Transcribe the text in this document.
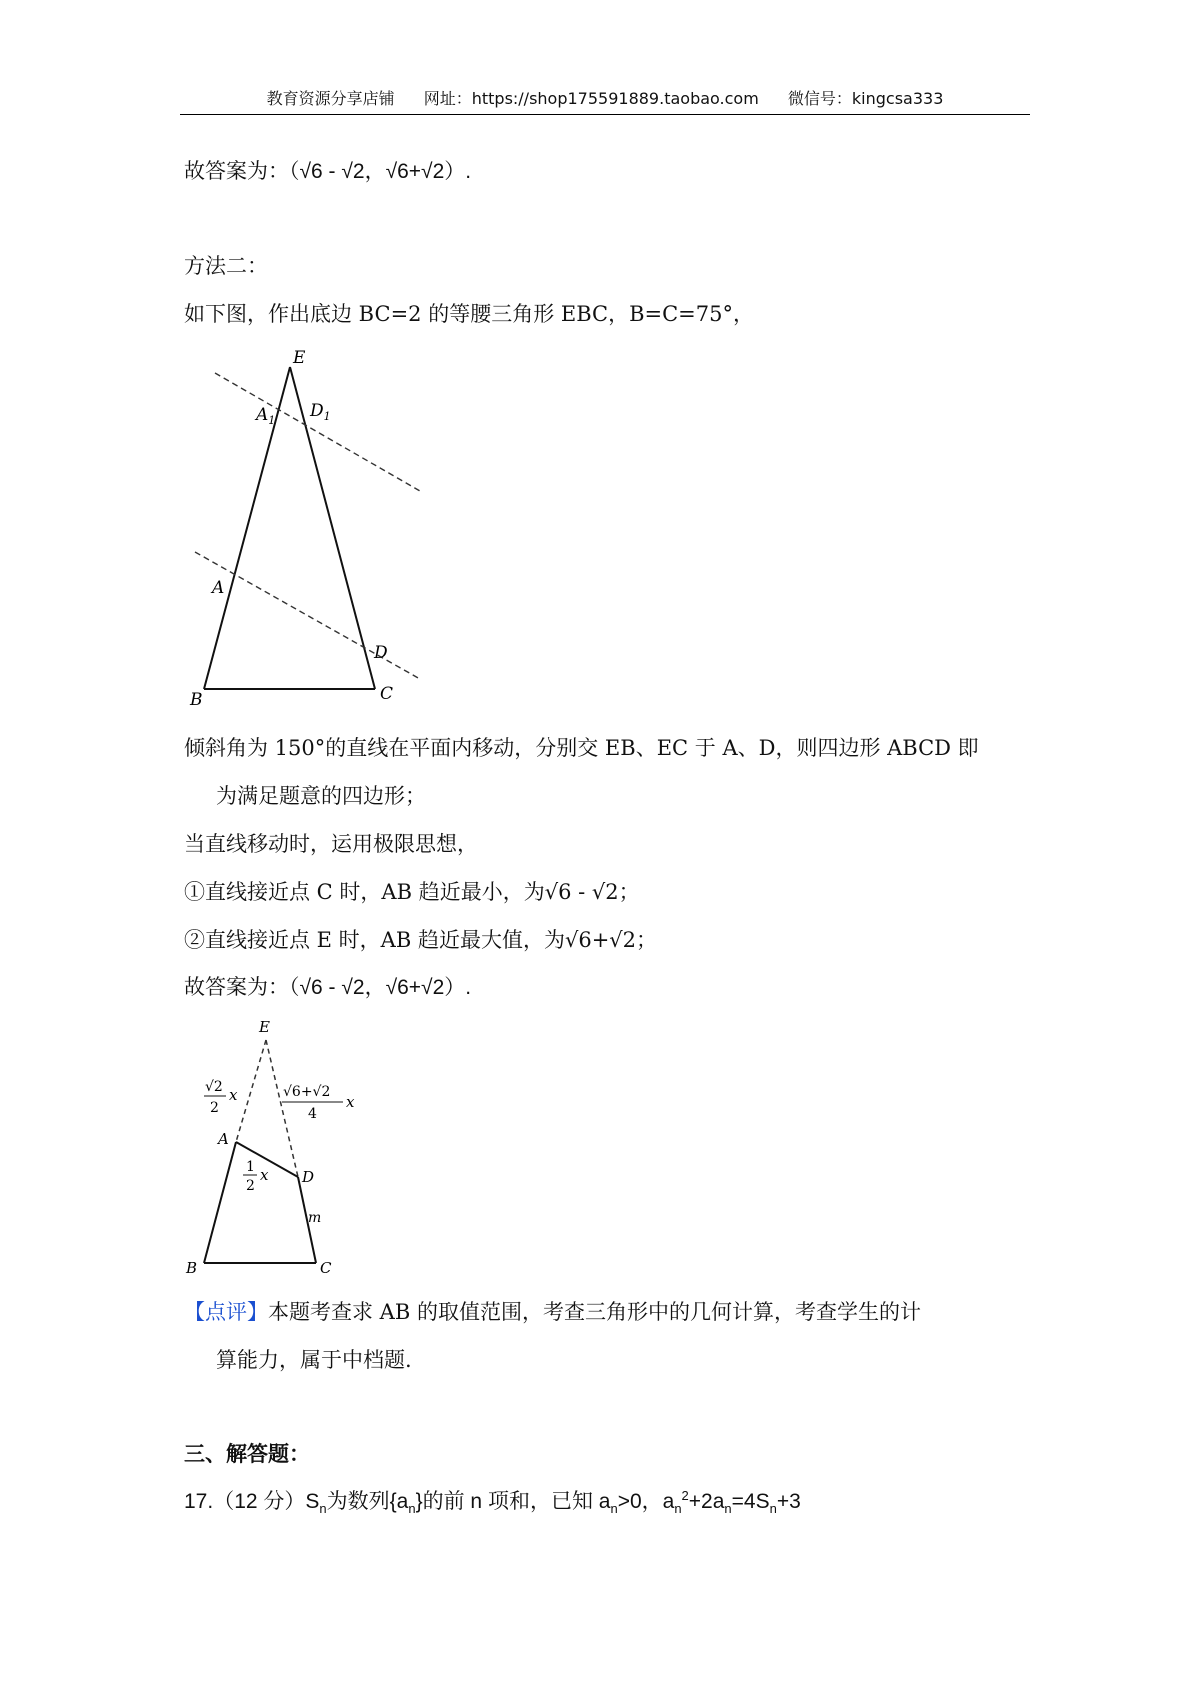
教育资源分享店铺 网址：https://shop175591889.taobao.com 微信号：kingcsa333
故答案为：（√6 - √2，√6+√2）.
方法二：
如下图，作出底边 BC=2 的等腰三角形 EBC，B=C=75°，
E
$A_1$ $D_1$
A
D
B	C
倾斜角为 150°的直线在平面内移动，分别交 EB、EC 于 A、D，则四边形 ABCD 即
为满足题意的四边形；
当直线移动时，运用极限思想，
①直线接近点 C 时，AB 趋近最小，为√6 - √2；
②直线接近点 E 时，AB 趋近最大值，为√6+√2；
故答案为：（√6 - √2，√6+√2）.
E
√2
2
x	√6+√2
4
x
A
1
2
x D
m
B	C
【点评】本题考查求 AB 的取值范围，考查三角形中的几何计算，考查学生的计
算能力，属于中档题.
三、解答题：
17.（12 分）$S_n$为数列$\{a_n\}$的前 n 项和，已知 $a_n>0$，$a_n^2+2a_n=4S_n+3$
